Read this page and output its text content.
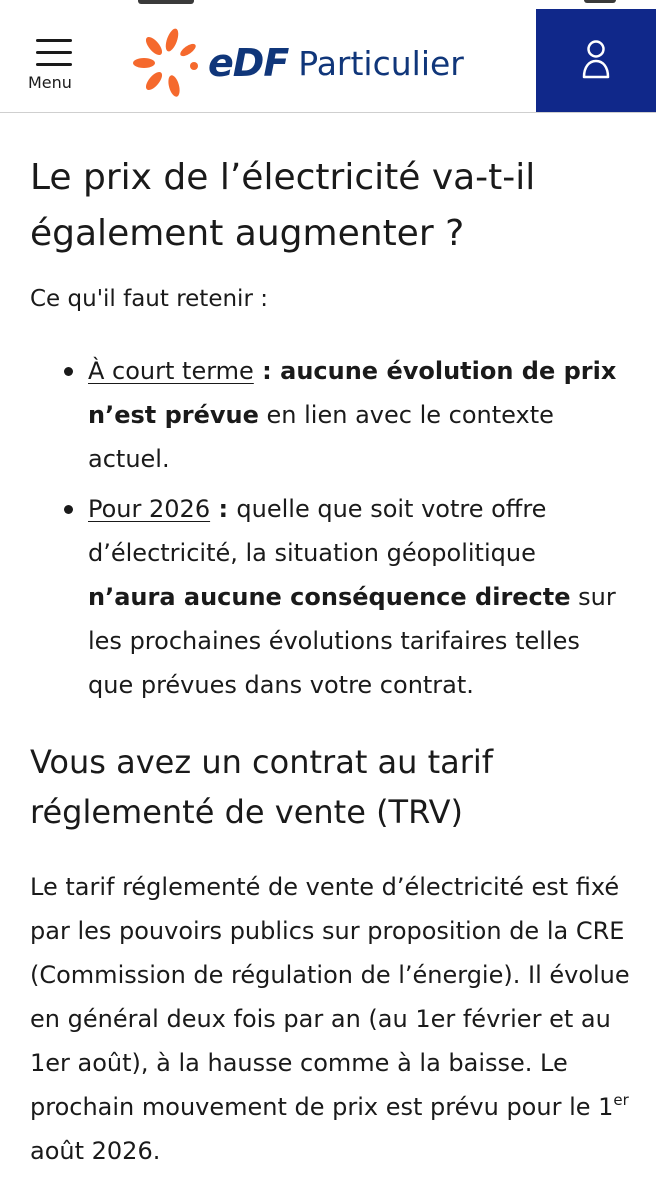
Menu	eDF Particulier
Le prix de l’électricité va-t-il également augmenter ?

Ce qu'il faut retenir :

À court terme : aucune évolution de prix n’est prévue en lien avec le contexte actuel.
Pour 2026 : quelle que soit votre offre d’électricité, la situation géopolitique n’aura aucune conséquence directe sur les prochaines évolutions tarifaires telles que prévues dans votre contrat.
Vous avez un contrat au tarif réglementé de vente (TRV)

Le tarif réglementé de vente d’électricité est fixé par les pouvoirs publics sur proposition de la CRE (Commission de régulation de l’énergie). Il évolue en général deux fois par an (au 1er février et au 1er août), à la hausse comme à la baisse. Le prochain mouvement de prix est prévu pour le 1er août 2026.
